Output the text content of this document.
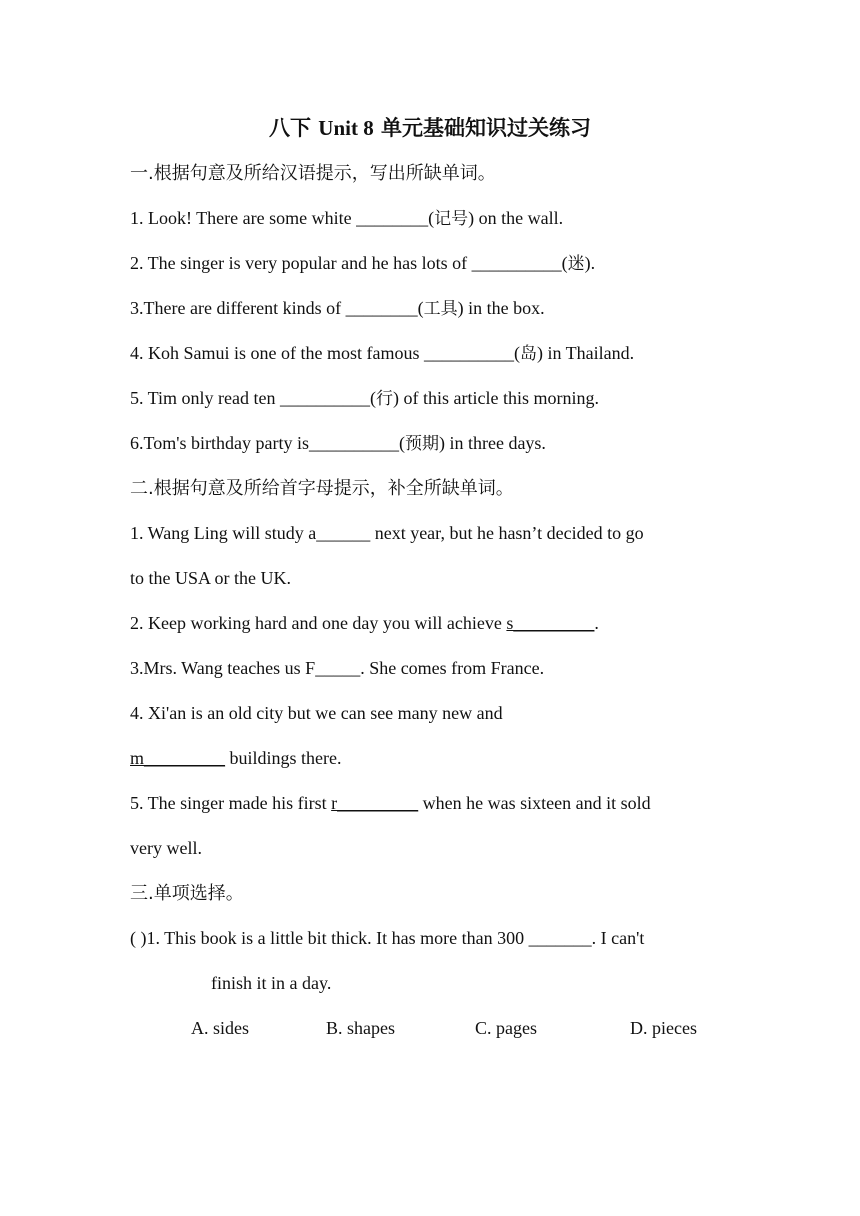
八下 Unit 8 单元基础知识过关练习
一.根据句意及所给汉语提示，写出所缺单词。
1. Look! There are some white ________(记号) on the wall.
2. The singer is very popular and he has lots of __________(迷).
3.There are different kinds of ________(工具) in the box.
4. Koh Samui is one of the most famous __________(岛) in Thailand.
5. Tim only read ten __________(行) of this article this morning.
6.Tom's birthday party is__________(预期) in three days.
二.根据句意及所给首字母提示，补全所缺单词。
1. Wang Ling will study a______ next year, but he hasn’t decided to go
to the USA or the UK.
2. Keep working hard and one day you will achieve s_________.
3.Mrs. Wang teaches us F_____. She comes from France.
4. Xi'an is an old city but we can see many new and
m_________ buildings there.
5. The singer made his first r_________ when he was sixteen and it sold
very well.
三.单项选择。
( )1. This book is a little bit thick. It has more than 300 _______. I can't
finish it in a day.
A. sides	B. shapes	C. pages	D. pieces
